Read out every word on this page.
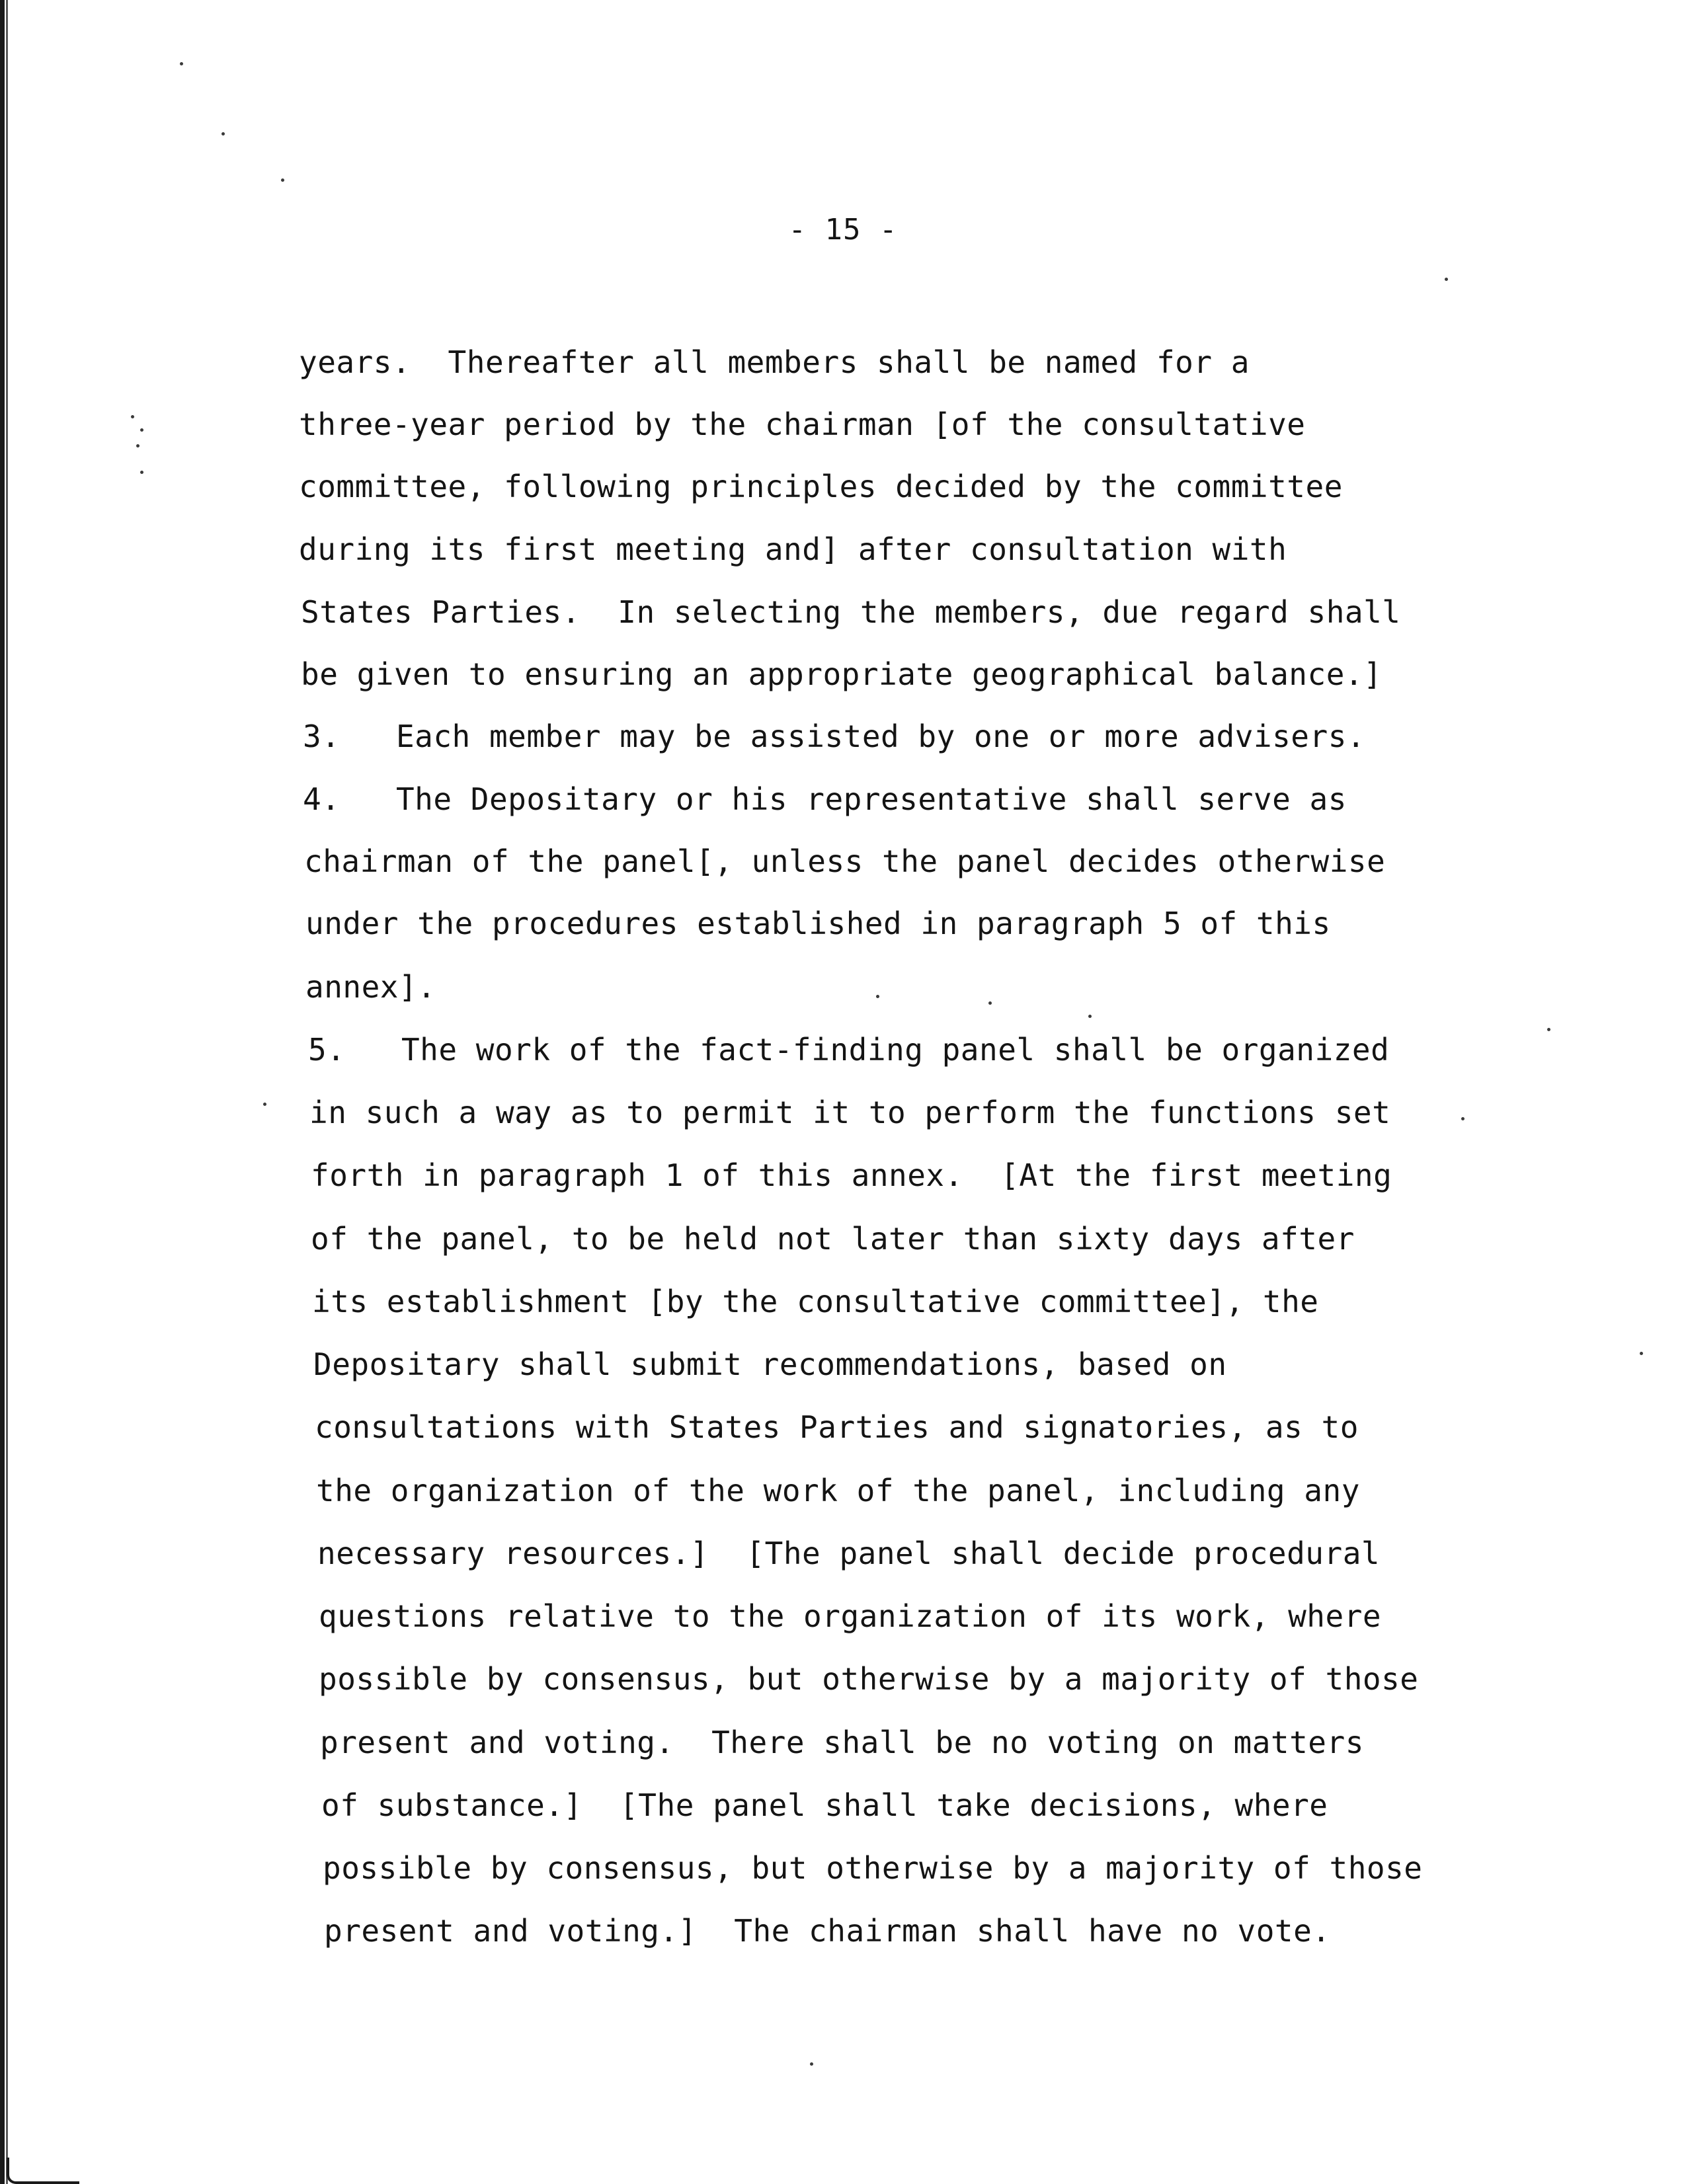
- 15 -
years.  Thereafter all members shall be named for a
three-year period by the chairman [of the consultative
committee, following principles decided by the committee
during its first meeting and] after consultation with
States Parties.  In selecting the members, due regard shall
be given to ensuring an appropriate geographical balance.]
3.   Each member may be assisted by one or more advisers.
4.   The Depositary or his representative shall serve as
chairman of the panel[, unless the panel decides otherwise
under the procedures established in paragraph 5 of this
annex].
5.   The work of the fact-finding panel shall be organized
in such a way as to permit it to perform the functions set
forth in paragraph 1 of this annex.  [At the first meeting
of the panel, to be held not later than sixty days after
its establishment [by the consultative committee], the
Depositary shall submit recommendations, based on
consultations with States Parties and signatories, as to
the organization of the work of the panel, including any
necessary resources.]  [The panel shall decide procedural
questions relative to the organization of its work, where
possible by consensus, but otherwise by a majority of those
present and voting.  There shall be no voting on matters
of substance.]  [The panel shall take decisions, where
possible by consensus, but otherwise by a majority of those
present and voting.]  The chairman shall have no vote.
